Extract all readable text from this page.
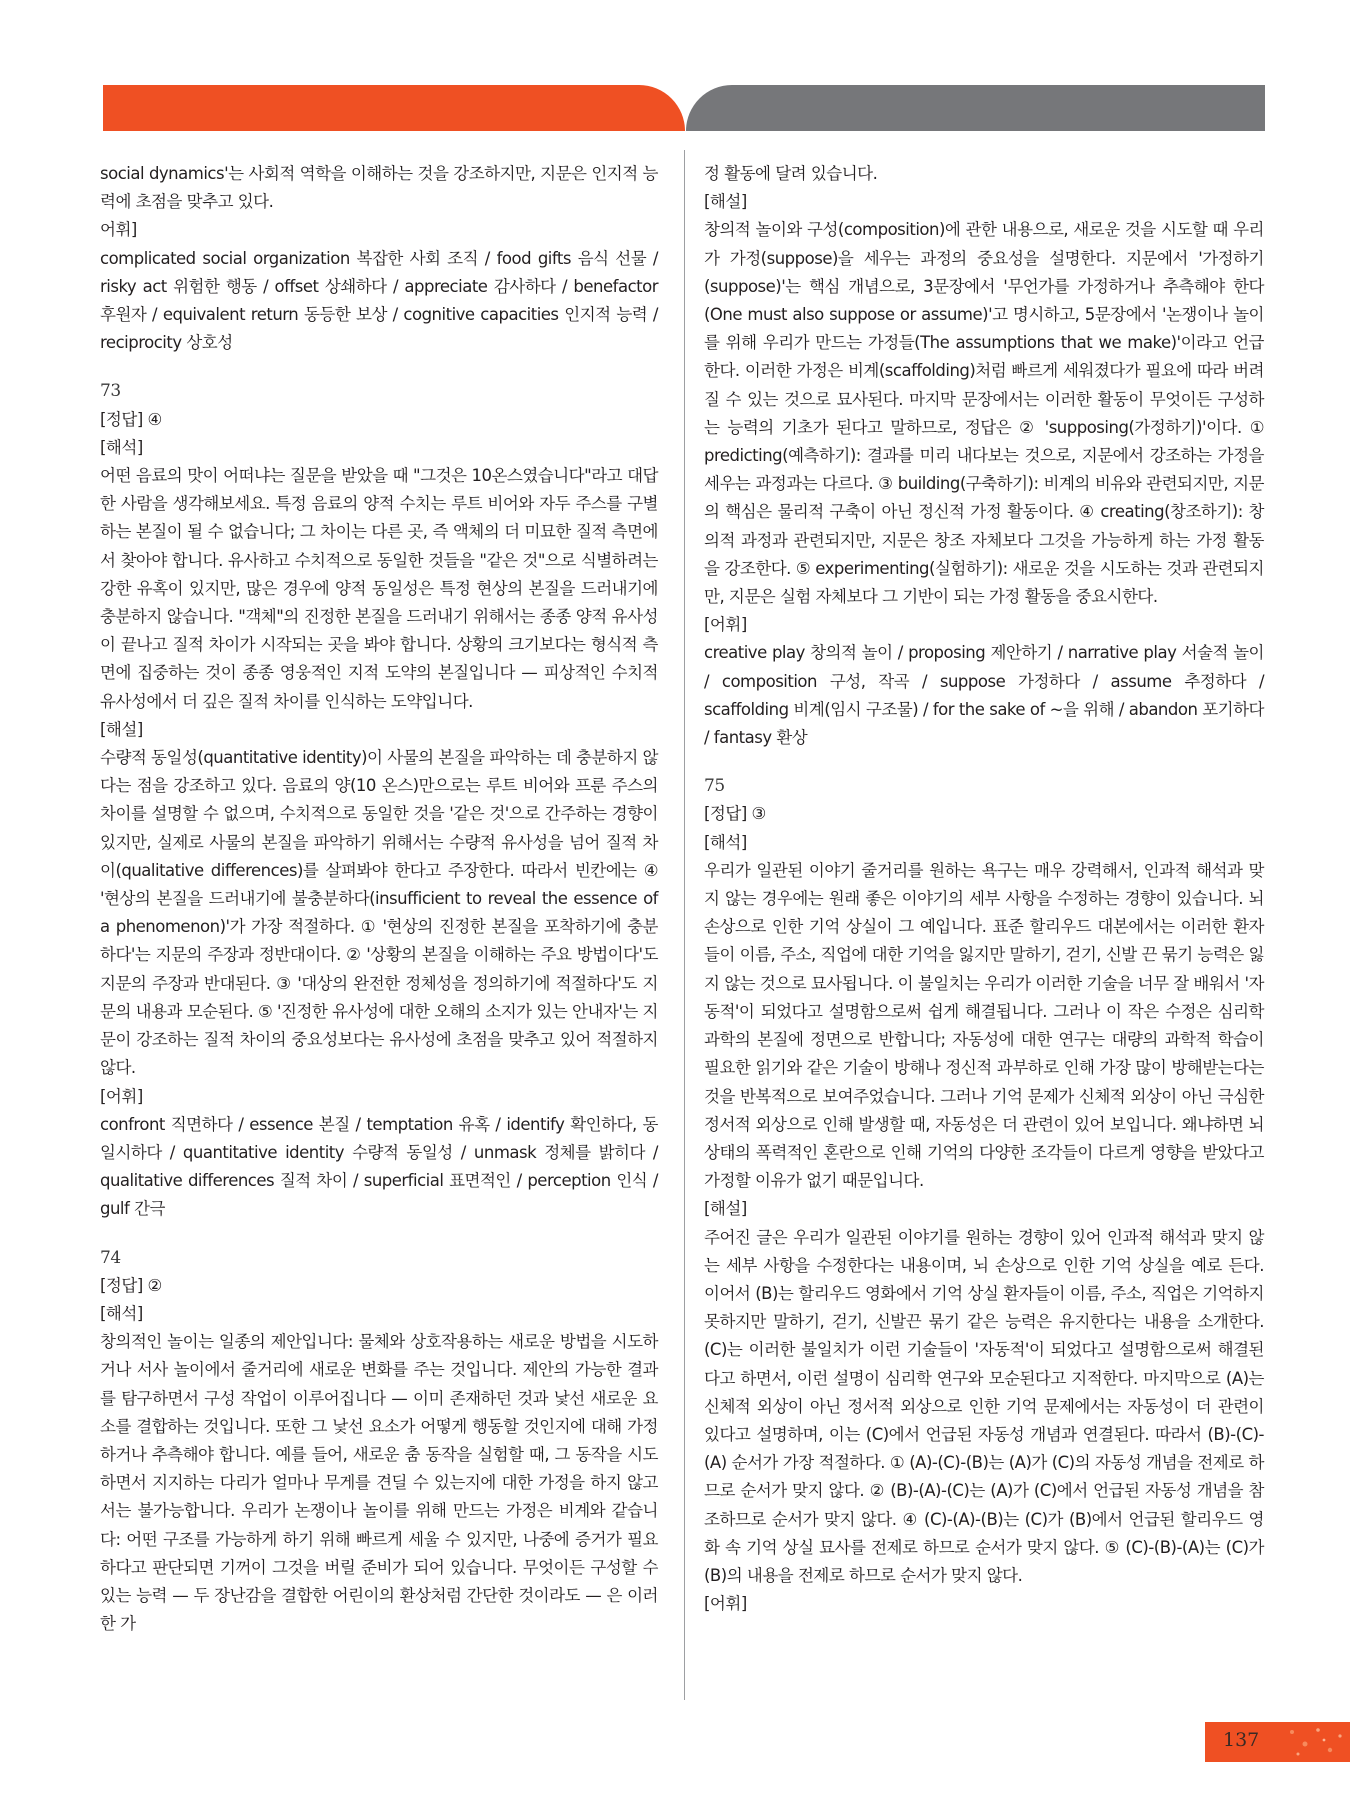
social dynamics'는 사회적 역학을 이해하는 것을 강조하지만, 지문은 인지적 능력에 초점을 맞추고 있다.

어휘]

complicated social organization 복잡한 사회 조직 / food gifts 음식 선물 / risky act 위험한 행동 / offset 상쇄하다 / appreciate 감사하다 / benefactor 후원자 / equivalent return 동등한 보상 / cognitive capacities 인지적 능력 / reciprocity 상호성

73

[정답] ④

[해석]

어떤 음료의 맛이 어떠냐는 질문을 받았을 때 "그것은 10온스였습니다"라고 대답한 사람을 생각해보세요. 특정 음료의 양적 수치는 루트 비어와 자두 주스를 구별하는 본질이 될 수 없습니다; 그 차이는 다른 곳, 즉 액체의 더 미묘한 질적 측면에서 찾아야 합니다. 유사하고 수치적으로 동일한 것들을 "같은 것"으로 식별하려는 강한 유혹이 있지만, 많은 경우에 양적 동일성은 특정 현상의 본질을 드러내기에 충분하지 않습니다. "객체"의 진정한 본질을 드러내기 위해서는 종종 양적 유사성이 끝나고 질적 차이가 시작되는 곳을 봐야 합니다. 상황의 크기보다는 형식적 측면에 집중하는 것이 종종 영웅적인 지적 도약의 본질입니다 — 피상적인 수치적 유사성에서 더 깊은 질적 차이를 인식하는 도약입니다.

[해설]

수량적 동일성(quantitative identity)이 사물의 본질을 파악하는 데 충분하지 않다는 점을 강조하고 있다. 음료의 양(10 온스)만으로는 루트 비어와 프룬 주스의 차이를 설명할 수 없으며, 수치적으로 동일한 것을 '같은 것'으로 간주하는 경향이 있지만, 실제로 사물의 본질을 파악하기 위해서는 수량적 유사성을 넘어 질적 차이(qualitative differences)를 살펴봐야 한다고 주장한다. 따라서 빈칸에는 ④ '현상의 본질을 드러내기에 불충분하다(insufficient to reveal the essence of a phenomenon)'가 가장 적절하다. ① '현상의 진정한 본질을 포착하기에 충분하다'는 지문의 주장과 정반대이다. ② '상황의 본질을 이해하는 주요 방법이다'도 지문의 주장과 반대된다. ③ '대상의 완전한 정체성을 정의하기에 적절하다'도 지문의 내용과 모순된다. ⑤ '진정한 유사성에 대한 오해의 소지가 있는 안내자'는 지문이 강조하는 질적 차이의 중요성보다는 유사성에 초점을 맞추고 있어 적절하지 않다.

[어휘]

confront 직면하다 / essence 본질 / temptation 유혹 / identify 확인하다, 동일시하다 / quantitative identity 수량적 동일성 / unmask 정체를 밝히다 / qualitative differences 질적 차이 / superficial 표면적인 / perception 인식 / gulf 간극

74

[정답] ②

[해석]

창의적인 놀이는 일종의 제안입니다: 물체와 상호작용하는 새로운 방법을 시도하거나 서사 놀이에서 줄거리에 새로운 변화를 주는 것입니다. 제안의 가능한 결과를 탐구하면서 구성 작업이 이루어집니다 — 이미 존재하던 것과 낯선 새로운 요소를 결합하는 것입니다. 또한 그 낯선 요소가 어떻게 행동할 것인지에 대해 가정하거나 추측해야 합니다. 예를 들어, 새로운 춤 동작을 실험할 때, 그 동작을 시도하면서 지지하는 다리가 얼마나 무게를 견딜 수 있는지에 대한 가정을 하지 않고서는 불가능합니다. 우리가 논쟁이나 놀이를 위해 만드는 가정은 비계와 같습니다: 어떤 구조를 가능하게 하기 위해 빠르게 세울 수 있지만, 나중에 증거가 필요하다고 판단되면 기꺼이 그것을 버릴 준비가 되어 있습니다. 무엇이든 구성할 수 있는 능력 — 두 장난감을 결합한 어린이의 환상처럼 간단한 것이라도 — 은 이러한 가

정 활동에 달려 있습니다.

[해설]

창의적 놀이와 구성(composition)에 관한 내용으로, 새로운 것을 시도할 때 우리가 가정(suppose)을 세우는 과정의 중요성을 설명한다. 지문에서 '가정하기(suppose)'는 핵심 개념으로, 3문장에서 '무언가를 가정하거나 추측해야 한다(One must also suppose or assume)'고 명시하고, 5문장에서 '논쟁이나 놀이를 위해 우리가 만드는 가정들(The assumptions that we make)'이라고 언급한다. 이러한 가정은 비계(scaffolding)처럼 빠르게 세워졌다가 필요에 따라 버려질 수 있는 것으로 묘사된다. 마지막 문장에서는 이러한 활동이 무엇이든 구성하는 능력의 기초가 된다고 말하므로, 정답은 ② 'supposing(가정하기)'이다. ① predicting(예측하기): 결과를 미리 내다보는 것으로, 지문에서 강조하는 가정을 세우는 과정과는 다르다. ③ building(구축하기): 비계의 비유와 관련되지만, 지문의 핵심은 물리적 구축이 아닌 정신적 가정 활동이다. ④ creating(창조하기): 창의적 과정과 관련되지만, 지문은 창조 자체보다 그것을 가능하게 하는 가정 활동을 강조한다. ⑤ experimenting(실험하기): 새로운 것을 시도하는 것과 관련되지만, 지문은 실험 자체보다 그 기반이 되는 가정 활동을 중요시한다.

[어휘]

creative play 창의적 놀이 / proposing 제안하기 / narrative play 서술적 놀이 / composition 구성, 작곡 / suppose 가정하다 / assume 추정하다 / scaffolding 비계(임시 구조물) / for the sake of ~을 위해 / abandon 포기하다 / fantasy 환상

75

[정답] ③

[해석]

우리가 일관된 이야기 줄거리를 원하는 욕구는 매우 강력해서, 인과적 해석과 맞지 않는 경우에는 원래 좋은 이야기의 세부 사항을 수정하는 경향이 있습니다. 뇌 손상으로 인한 기억 상실이 그 예입니다. 표준 할리우드 대본에서는 이러한 환자들이 이름, 주소, 직업에 대한 기억을 잃지만 말하기, 걷기, 신발 끈 묶기 능력은 잃지 않는 것으로 묘사됩니다. 이 불일치는 우리가 이러한 기술을 너무 잘 배워서 '자동적'이 되었다고 설명함으로써 쉽게 해결됩니다. 그러나 이 작은 수정은 심리학 과학의 본질에 정면으로 반합니다; 자동성에 대한 연구는 대량의 과학적 학습이 필요한 읽기와 같은 기술이 방해나 정신적 과부하로 인해 가장 많이 방해받는다는 것을 반복적으로 보여주었습니다. 그러나 기억 문제가 신체적 외상이 아닌 극심한 정서적 외상으로 인해 발생할 때, 자동성은 더 관련이 있어 보입니다. 왜냐하면 뇌 상태의 폭력적인 혼란으로 인해 기억의 다양한 조각들이 다르게 영향을 받았다고 가정할 이유가 없기 때문입니다.

[해설]

주어진 글은 우리가 일관된 이야기를 원하는 경향이 있어 인과적 해석과 맞지 않는 세부 사항을 수정한다는 내용이며, 뇌 손상으로 인한 기억 상실을 예로 든다. 이어서 (B)는 할리우드 영화에서 기억 상실 환자들이 이름, 주소, 직업은 기억하지 못하지만 말하기, 걷기, 신발끈 묶기 같은 능력은 유지한다는 내용을 소개한다. (C)는 이러한 불일치가 이런 기술들이 '자동적'이 되었다고 설명함으로써 해결된다고 하면서, 이런 설명이 심리학 연구와 모순된다고 지적한다. 마지막으로 (A)는 신체적 외상이 아닌 정서적 외상으로 인한 기억 문제에서는 자동성이 더 관련이 있다고 설명하며, 이는 (C)에서 언급된 자동성 개념과 연결된다. 따라서 (B)-(C)-(A) 순서가 가장 적절하다. ① (A)-(C)-(B)는 (A)가 (C)의 자동성 개념을 전제로 하므로 순서가 맞지 않다. ② (B)-(A)-(C)는 (A)가 (C)에서 언급된 자동성 개념을 참조하므로 순서가 맞지 않다. ④ (C)-(A)-(B)는 (C)가 (B)에서 언급된 할리우드 영화 속 기억 상실 묘사를 전제로 하므로 순서가 맞지 않다. ⑤ (C)-(B)-(A)는 (C)가 (B)의 내용을 전제로 하므로 순서가 맞지 않다.

[어휘]

137
